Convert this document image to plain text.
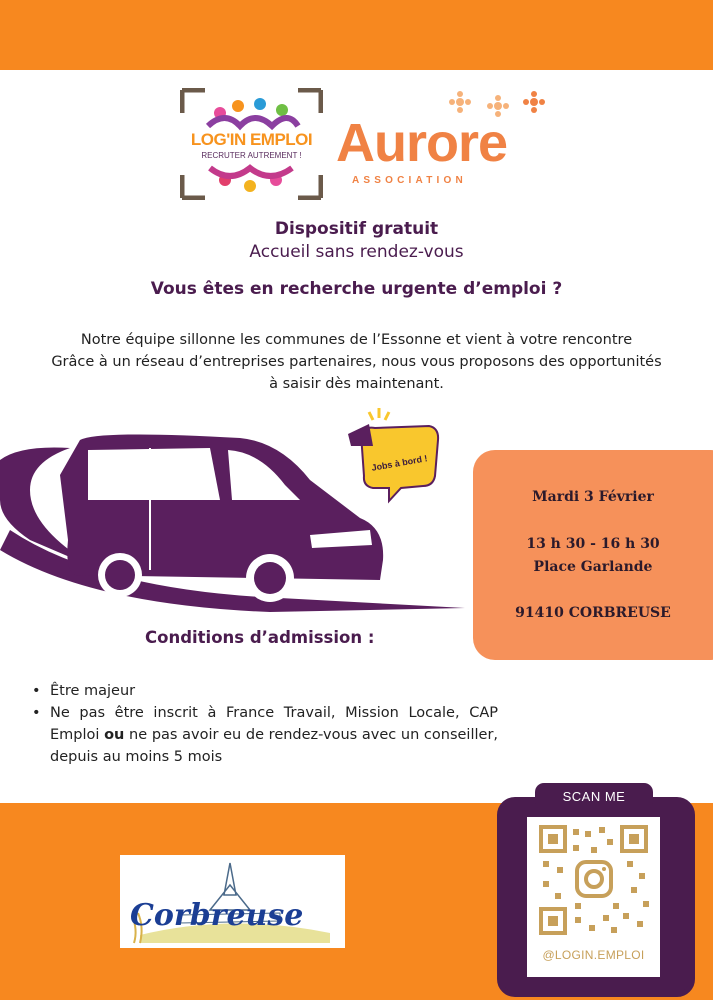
LOG'IN EMPLOI
RECRUTER AUTREMENT ! Aurore
ASSOCIATION
Dispositif gratuit
Accueil sans rendez-vous
Vous êtes en recherche urgente d’emploi ?
Notre équipe sillonne les communes de l’Essonne et vient à votre rencontre
Grâce à un réseau d’entreprises partenaires, nous vous proposons des opportunités
à saisir dès maintenant.
Jobs à bord !
Mardi 3 Février
13 h 30 - 16 h 30
Place Garlande
91410 CORBREUSE
Conditions d’admission :
• Être majeur
• Ne pas être inscrit à France Travail, Mission Locale, CAP Emploi ou ne pas avoir eu de rendez-vous avec un conseiller, depuis au moins 5 mois
Corbreuse
SCAN ME
@LOGIN.EMPLOI
